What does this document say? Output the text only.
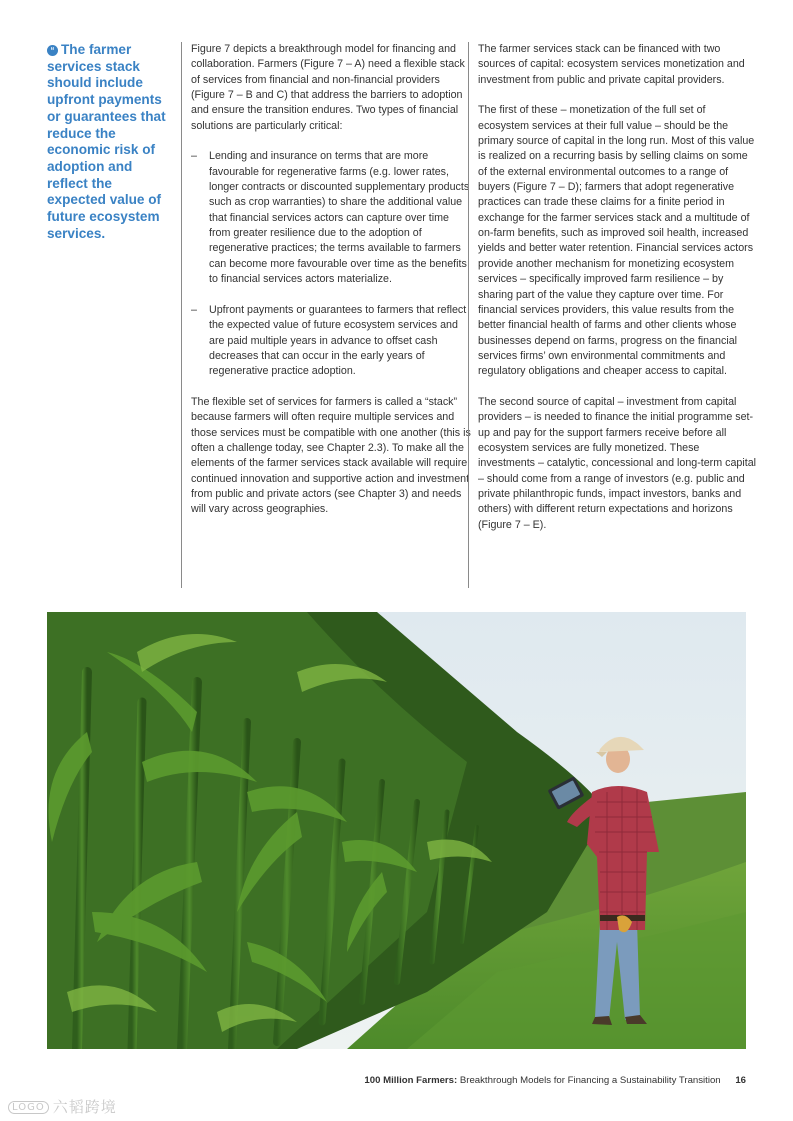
“ The farmer services stack should include upfront payments or guarantees that reduce the economic risk of adoption and reflect the expected value of future ecosystem services.

Figure 7 depicts a breakthrough model for financing and collaboration. Farmers (Figure 7 – A) need a flexible stack of services from financial and non-financial providers (Figure 7 – B and C) that address the barriers to adoption and ensure the transition endures. Two types of financial solutions are particularly critical:

– Lending and insurance on terms that are more favourable for regenerative farms (e.g. lower rates, longer contracts or discounted supplementary products such as crop warranties) to share the additional value that financial services actors can capture over time from greater resilience due to the adoption of regenerative practices; the terms available to farmers can become more favourable over time as the benefits to financial services actors materialize.
– Upfront payments or guarantees to farmers that reflect the expected value of future ecosystem services and are paid multiple years in advance to offset cash decreases that can occur in the early years of regenerative practice adoption.

The flexible set of services for farmers is called a “stack” because farmers will often require multiple services and those services must be compatible with one another (this is often a challenge today, see Chapter 2.3). To make all the elements of the farmer services stack available will require continued innovation and supportive action and investment from public and private actors (see Chapter 3) and needs will vary across geographies.

The farmer services stack can be financed with two sources of capital: ecosystem services monetization and investment from public and private capital providers.

The first of these – monetization of the full set of ecosystem services at their full value – should be the primary source of capital in the long run. Most of this value is realized on a recurring basis by selling claims on some of the external environmental outcomes to a range of buyers (Figure 7 – D); farmers that adopt regenerative practices can trade these claims for a finite period in exchange for the farmer services stack and a multitude of on-farm benefits, such as improved soil health, increased yields and better water retention. Financial services actors provide another mechanism for monetizing ecosystem services – specifically improved farm resilience – by sharing part of the value they capture over time. For financial services providers, this value results from the better financial health of farms and other clients whose businesses depend on farms, progress on the financial services firms’ own environmental commitments and regulatory obligations and cheaper access to capital.

The second source of capital – investment from capital providers – is needed to finance the initial programme set-up and pay for the support farmers receive before all ecosystem services are fully monetized. These investments – catalytic, concessional and long-term capital – should come from a range of investors (e.g. public and private philanthropic funds, impact investors, banks and others) with different return expectations and horizons (Figure 7 – E).

100 Million Farmers: Breakthrough Models for Financing a Sustainability Transition 16
LOGO 六韬跨境
